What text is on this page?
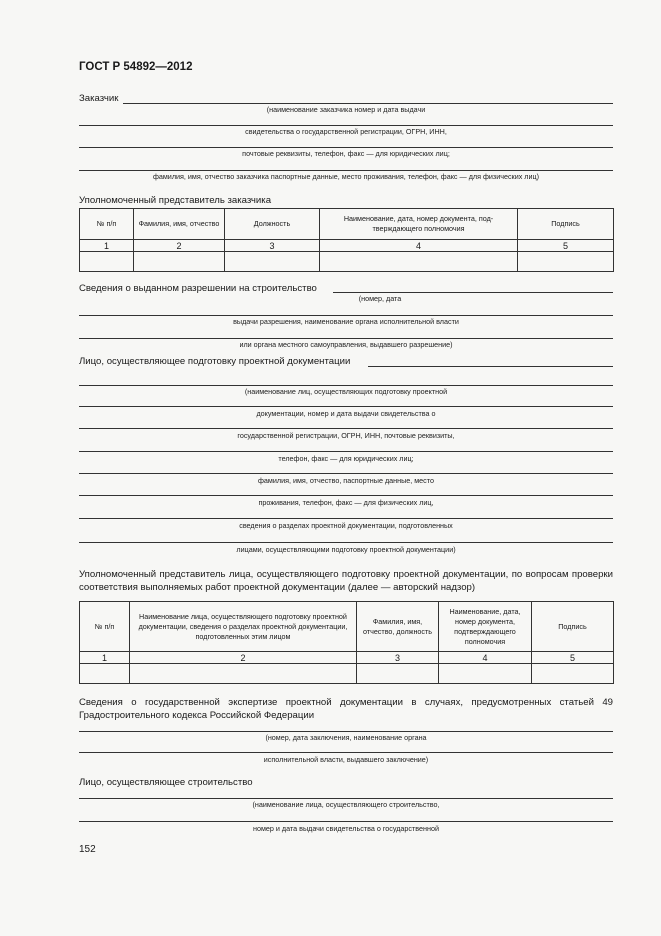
ГОСТ Р 54892—2012
Заказчик
(наименование заказчика номер и дата выдачи
свидетельства о государственной регистрации, ОГРН, ИНН,
почтовые реквизиты, телефон, факс — для юридических лиц;
фамилия, имя, отчество заказчика паспортные данные, место проживания, телефон, факс — для физических лиц)
Уполномоченный представитель заказчика
№ п/п	Фамилия, имя, отчество	Должность	Наименование, дата, номер документа, под-тверждающего полномочия	Подпись
1	2	3	4	5

Сведения о выданном разрешении на строительство
(номер, дата
выдачи разрешения, наименование органа исполнительной власти
или органа местного самоуправления, выдавшего разрешение)
Лицо, осуществляющее подготовку проектной документации
(наименование лиц, осуществляющих подготовку проектной
документации, номер и дата выдачи свидетельства о
государственной регистрации, ОГРН, ИНН, почтовые реквизиты,
телефон, факс — для юридических лиц;
фамилия, имя, отчество, паспортные данные, место
проживания, телефон, факс — для физических лиц,
сведения о разделах проектной документации, подготовленных
лицами, осуществляющими подготовку проектной документации)
Уполномоченный представитель лица, осуществляющего подготовку проектной документации, по вопросам проверки соответствия выполняемых работ проектной документации (далее — авторский надзор)
№ п/п	Наименование лица, осуществляющего подготовку проектной документации, сведения о разделах проектной документации, подготовленных этим лицом	Фамилия, имя, отчество, должность	Наименование, дата, номер документа, подтверждающего полномочия	Подпись
1	2	3	4	5

Сведения о государственной экспертизе проектной документации в случаях, предусмотренных статьей 49 Градостроительного кодекса Российской Федерации
(номер, дата заключения, наименование органа
исполнительной власти, выдавшего заключение)
Лицо, осуществляющее строительство
(наименование лица, осуществляющего строительство,
номер и дата выдачи свидетельства о государственной
152
